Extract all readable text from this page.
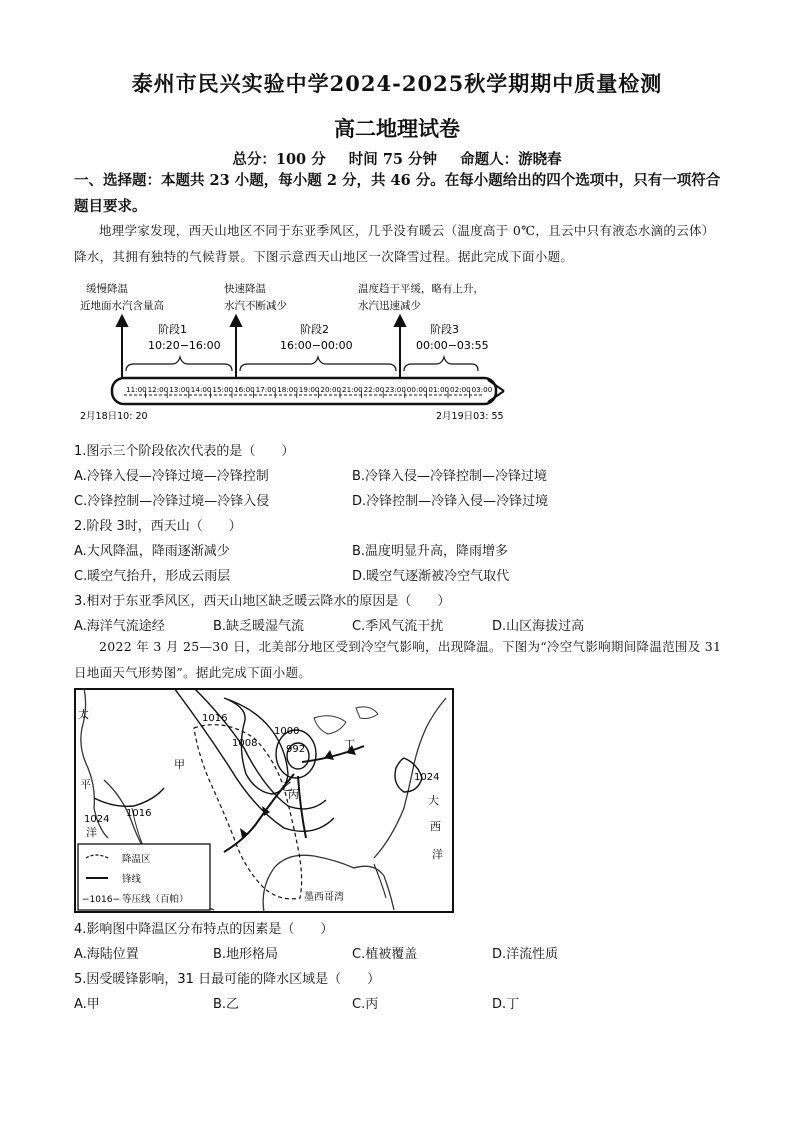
泰州市民兴实验中学2024-2025秋学期期中质量检测
高二地理试卷
总分：100 分 时间 75 分钟 命题人：游晓春
一、选择题：本题共 23 小题，每小题 2 分，共 46 分。在每小题给出的四个选项中，只有一项符合题目要求。
地理学家发现，西天山地区不同于东亚季风区，几乎没有暖云（温度高于 0℃，且云中只有液态水滴的云体）降水，其拥有独特的气候背景。下图示意西天山地区一次降雪过程。据此完成下面小题。
缓慢降温
近地面水汽含量高
快速降温
水汽不断减少
温度趋于平缓，略有上升，
水汽迅速减少
阶段1
10:20−16:00
阶段2
16:00−00:00
阶段3
00:00−03:55
11:00 12:00 13:00 14:00 15:00 16:00 17:00 18:00 19:00 20:00 21:00 22:00 23:00 00:00 01:00 02:00 03:00
2月18日10: 20	2月19日03: 55
1.图示三个阶段依次代表的是（　　）
A.冷锋入侵—冷锋过境—冷锋控制	B.冷锋入侵—冷锋控制—冷锋过境
C.冷锋控制—冷锋过境—冷锋入侵	D.冷锋控制—冷锋入侵—冷锋过境
2.阶段 3时，西天山（　　）
A.大风降温，降雨逐渐减少	B.温度明显升高，降雨增多
C.暖空气抬升，形成云雨层	D.暖空气逐渐被冷空气取代
3.相对于东亚季风区，西天山地区缺乏暖云降水的原因是（　　）
A.海洋气流途经	B.缺乏暖湿气流	C.季风气流干扰	D.山区海拔过高
2022 年 3 月 25—30 日，北美部分地区受到冷空气影响，出现降温。下图为“冷空气影响期间降温范围及 31 日地面天气形势图”。据此完成下面小题。
1016
1008
1000
992
1016
1024
1024
甲
乙
丙
丁
太
平
洋
大
西
洋
墨西哥湾
降温区
锋线
−1016− 等压线（百帕）
4.影响图中降温区分布特点的因素是（　　）
A.海陆位置	B.地形格局	C.植被覆盖	D.洋流性质
5.因受暖锋影响，31 日最可能的降水区域是（　　）
A.甲	B.乙	C.丙	D.丁
